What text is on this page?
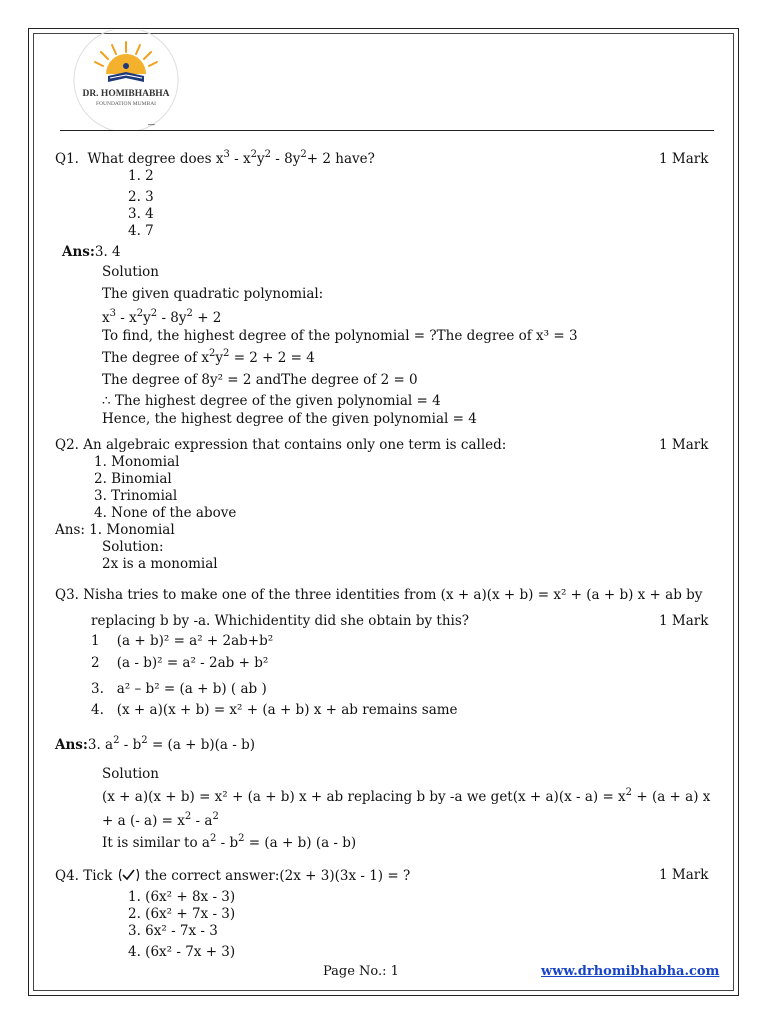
DR. HOMIBHABHA
FOUNDATION MUMBAI
_
Q1. What degree does $x^3 - x^2y^2 - 8y^2+ 2$ have?	1 Mark
1. 2
2. 3
3. 4
4. 7
Ans:3. 4
Solution
The given quadratic polynomial:
$x^3 - x^2y^2 - 8y^2 + 2$
To find, the highest degree of the polynomial = ?The degree of x³ = 3
The degree of $x^2y^2 = 2 + 2 = 4$
The degree of 8y² = 2 andThe degree of 2 = 0
∴ The highest degree of the given polynomial = 4
Hence, the highest degree of the given polynomial = 4
Q2. An algebraic expression that contains only one term is called:	1 Mark
1. Monomial
2. Binomial
3. Trinomial
4. None of the above
Ans: 1. Monomial
Solution:
2x is a monomial
Q3. Nisha tries to make one of the three identities from (x + a)(x + b) = x² + (a + b) x + ab by
replacing b by -a. Whichidentity did she obtain by this?	1 Mark
1    (a + b)² = a² + 2ab+b²
2    (a - b)² = a² - 2ab + b²
3.   a² – b² = (a + b) ( ab )
4.   (x + a)(x + b) = x² + (a + b) x + ab remains same
Ans:3. $a^2 - b^2 = (a + b)(a - b)$
Solution
(x + a)(x + b) = x² + (a + b) x + ab replacing b by -a we $get(x + a)(x - a) = x^2 + (a + a)$ x
+ a (- $a) = x^2 - a^2$
It is similar to $a^2 - b^2 = (a + b)$ (a - b)
Q4. Tick the correct answer:(2x + 3)(3x - 1) = ?	1 Mark
1. (6x² + 8x - 3)
2. (6x² + 7x - 3)
3. 6x² - 7x - 3
4. (6x² - 7x + 3)
Page No.: 1	www.drhomibhabha.com
